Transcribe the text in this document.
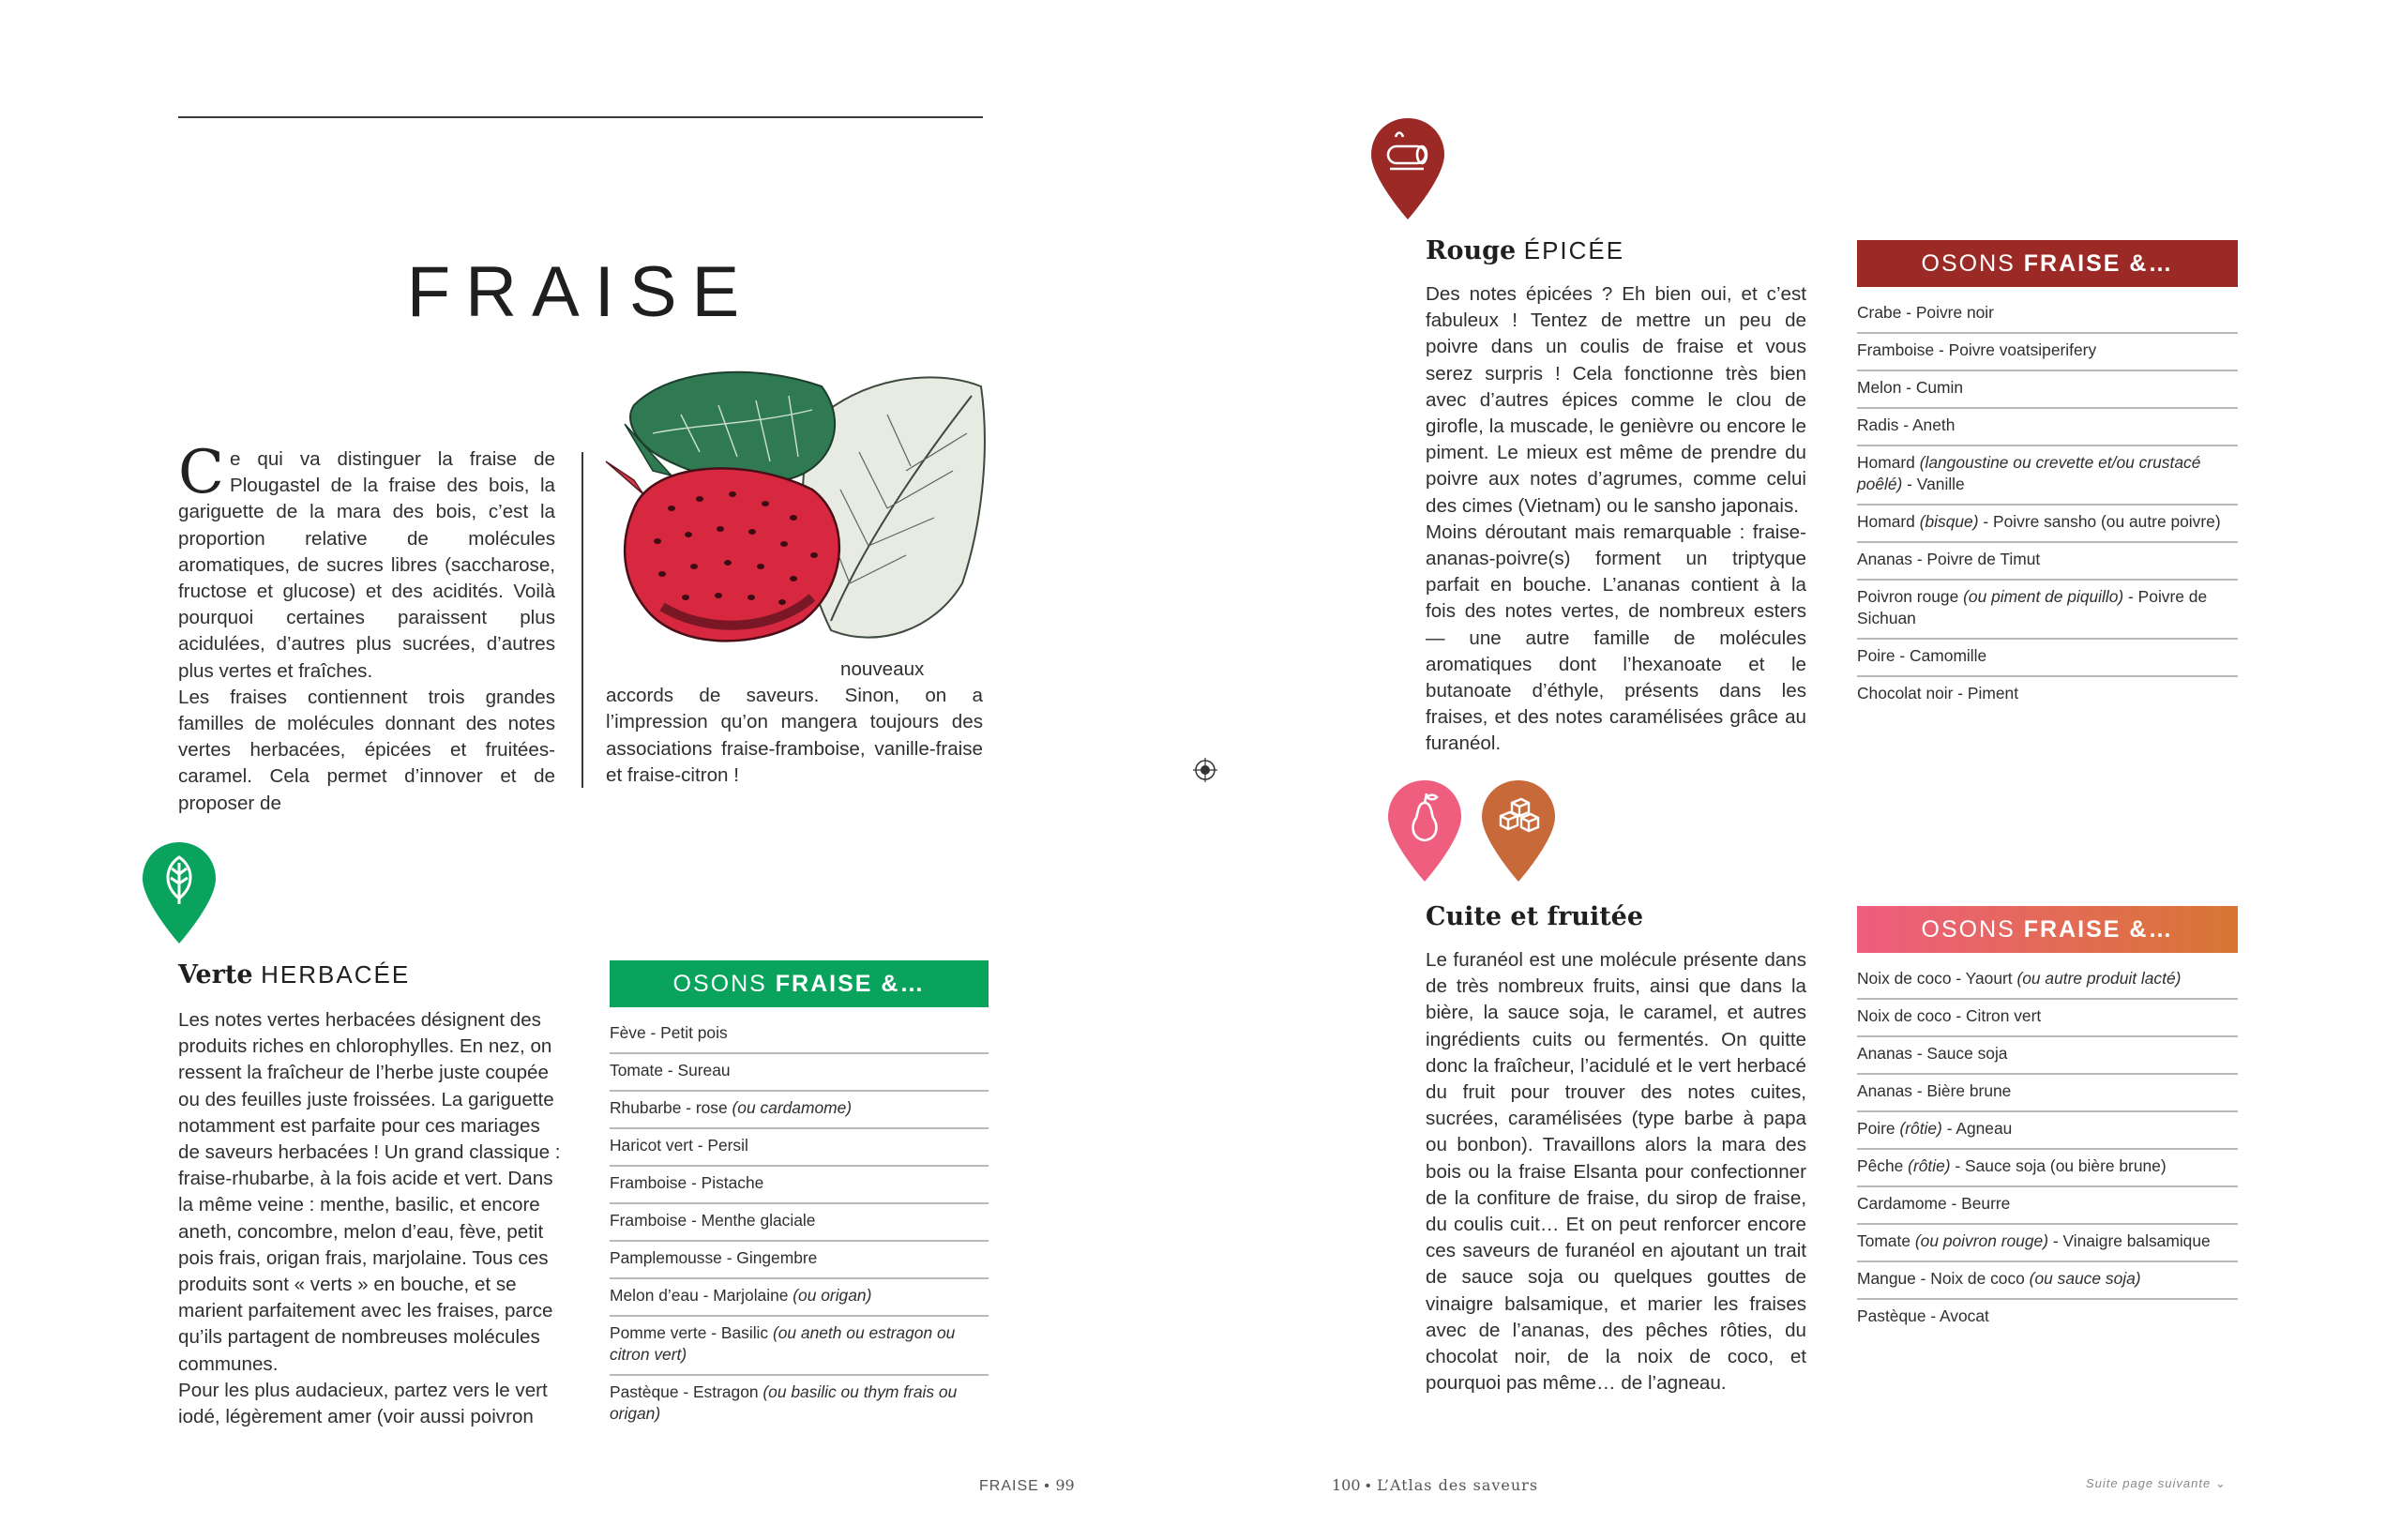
FRAISE

Ce qui va distinguer la fraise de Plougastel de la fraise des bois, la gariguette de la mara des bois, c’est la proportion relative de molécules aromatiques, de sucres libres (saccharose, fructose et glucose) et des acidités. Voilà pourquoi certaines paraissent plus acidulées, d’autres plus sucrées, d’autres plus vertes et fraîches.

Les fraises contiennent trois grandes familles de molécules donnant des notes vertes herbacées, épicées et fruitées-caramel. Cela permet d’innover et de proposer de

nouveaux accords de saveurs. Sinon, on a l’impression qu’on mangera toujours des associations fraise-framboise, vanille-fraise et fraise-citron !

Verte HERBACÉE

Les notes vertes herbacées désignent des produits riches en chlorophylles. En nez, on ressent la fraîcheur de l’herbe juste coupée ou des feuilles juste froissées. La gariguette notamment est parfaite pour ces mariages de saveurs herbacées ! Un grand classique : fraise-rhubarbe, à la fois acide et vert. Dans la même veine : menthe, basilic, et encore aneth, concombre, melon d’eau, fève, petit pois frais, origan frais, marjolaine. Tous ces produits sont « verts » en bouche, et se marient parfaitement avec les fraises, parce qu’ils partagent de nombreuses molécules communes.

Pour les plus audacieux, partez vers le vert iodé, légèrement amer (voir aussi poivron

OSONS FRAISE &…
Fève - Petit pois
Tomate - Sureau
Rhubarbe - rose (ou cardamome)
Haricot vert - Persil
Framboise - Pistache
Framboise - Menthe glaciale
Pamplemousse - Gingembre
Melon d’eau - Marjolaine (ou origan)
Pomme verte - Basilic (ou aneth ou estragon ou citron vert)
Pastèque - Estragon (ou basilic ou thym frais ou origan)
FRAISE • 99
Rouge ÉPICÉE

Des notes épicées ? Eh bien oui, et c’est fabuleux ! Tentez de mettre un peu de poivre dans un coulis de fraise et vous serez surpris ! Cela fonctionne très bien avec d’autres épices comme le clou de girofle, la muscade, le genièvre ou encore le piment. Le mieux est même de prendre du poivre aux notes d’agrumes, comme celui des cimes (Vietnam) ou le sansho japonais.

Moins déroutant mais remarquable : fraise-ananas-poivre(s) forment un triptyque parfait en bouche. L’ananas contient à la fois des notes vertes, de nombreux esters — une autre famille de molécules aromatiques dont l’hexanoate et le butanoate d’éthyle, présents dans les fraises, et des notes caramélisées grâce au furanéol.

OSONS FRAISE &…
Crabe - Poivre noir
Framboise - Poivre voatsiperifery
Melon - Cumin
Radis - Aneth
Homard (langoustine ou crevette et/ou crustacé poêlé) - Vanille
Homard (bisque) - Poivre sansho (ou autre poivre)
Ananas - Poivre de Timut
Poivron rouge (ou piment de piquillo) - Poivre de Sichuan
Poire - Camomille
Chocolat noir - Piment
Cuite et fruitée

Le furanéol est une molécule présente dans de très nombreux fruits, ainsi que dans la bière, la sauce soja, le caramel, et autres ingrédients cuits ou fermentés. On quitte donc la fraîcheur, l’acidulé et le vert herbacé du fruit pour trouver des notes cuites, sucrées, caramélisées (type barbe à papa ou bonbon). Travaillons alors la mara des bois ou la fraise Elsanta pour confectionner de la confiture de fraise, du sirop de fraise, du coulis cuit… Et on peut renforcer encore ces saveurs de furanéol en ajoutant un trait de sauce soja ou quelques gouttes de vinaigre balsamique, et marier les fraises avec de l’ananas, des pêches rôties, du chocolat noir, de la noix de coco, et pourquoi pas même… de l’agneau.

OSONS FRAISE &…
Noix de coco - Yaourt (ou autre produit lacté)
Noix de coco - Citron vert
Ananas - Sauce soja
Ananas - Bière brune
Poire (rôtie) - Agneau
Pêche (rôtie) - Sauce soja (ou bière brune)
Cardamome - Beurre
Tomate (ou poivron rouge) - Vinaigre balsamique
Mangue - Noix de coco (ou sauce soja)
Pastèque - Avocat
100 • L’Atlas des saveurs	Suite page suivante ⌄
